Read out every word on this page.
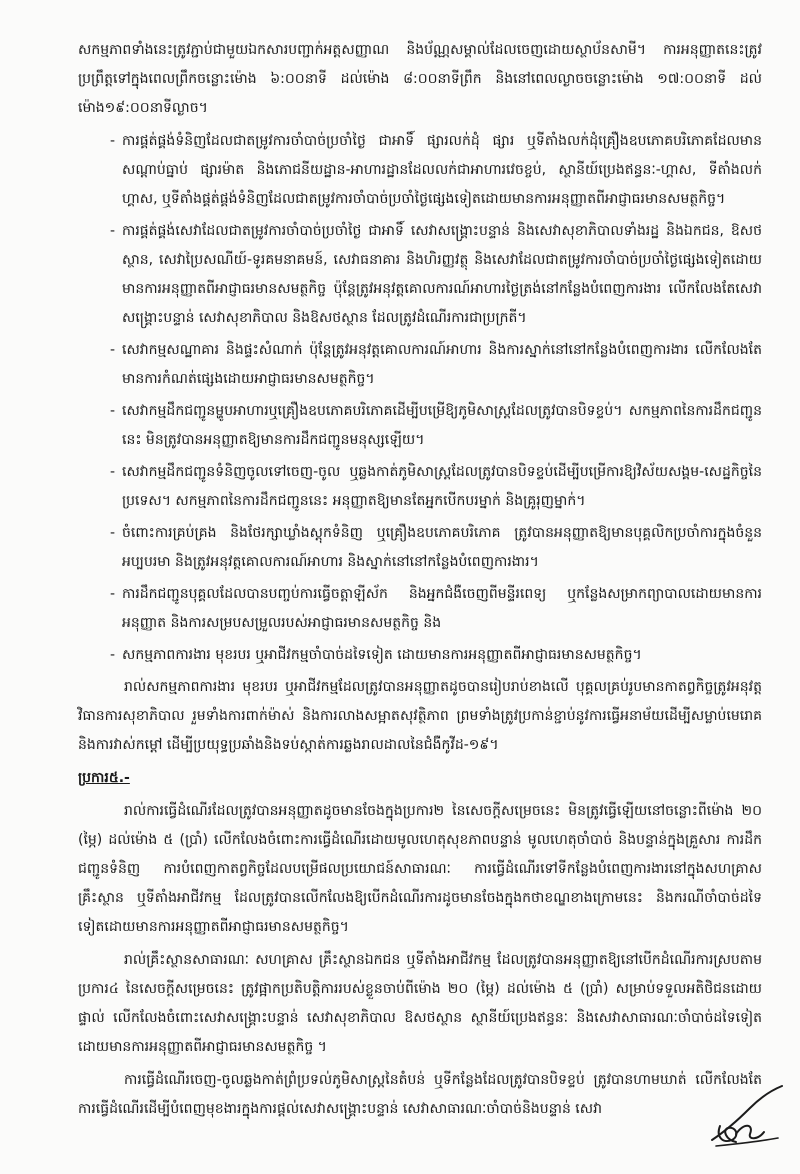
សកម្មភាពទាំងនេះត្រូវភ្ជាប់ជាមួយឯកសារបញ្ជាក់អត្តសញ្ញាណ និងប័ណ្ណសម្គាល់ដែលចេញដោយស្ថាប័នសាមី។ ការអនុញ្ញាតនេះត្រូវប្រព្រឹត្តទៅក្នុងពេលព្រឹកចន្លោះម៉ោង ៦:០០នាទី ដល់ម៉ោង ៨:០០នាទីព្រឹក និងនៅពេលល្ងាចចន្លោះម៉ោង ១៧:០០នាទី ដល់ម៉ោង១៩:០០នាទីល្ងាច។

- ការផ្គត់ផ្គង់ទំនិញដែលជាតម្រូវការចាំបាច់ប្រចាំថ្ងៃ ជាអាទិ៍ ផ្សារលក់ដុំ ផ្សារ ឬទីតាំងលក់ដុំគ្រឿងឧបភោគបរិភោគដែលមានសណ្ដាប់ធ្នាប់ ផ្សារម៉ាត និងភោជនីយដ្ឋាន-អាហារដ្ឋានដែលលក់ជាអាហារវេចខ្ចប់, ស្ថានីយ៍ប្រេងឥន្ធនៈ-ហ្គាស, ទីតាំងលក់ហ្គាស, ឬទីតាំងផ្គត់ផ្គង់ទំនិញដែលជាតម្រូវការចាំបាច់ប្រចាំថ្ងៃផ្សេងទៀតដោយមានការអនុញ្ញាតពីអាជ្ញាធរមានសមត្ថកិច្ច។
- ការផ្គត់ផ្គង់សេវាដែលជាតម្រូវការចាំបាច់ប្រចាំថ្ងៃ ជាអាទិ៍ សេវាសង្គ្រោះបន្ទាន់ និងសេវាសុខាភិបាលទាំងរដ្ឋ និងឯកជន, ឱសថស្ថាន, សេវាប្រៃសណីយ៍-ទូរគមនាគមន៍, សេវាធនាគារ និងហិរញ្ញវត្ថុ និងសេវាដែលជាតម្រូវការចាំបាច់ប្រចាំថ្ងៃផ្សេងទៀតដោយមានការអនុញ្ញាតពីអាជ្ញាធរមានសមត្ថកិច្ច ប៉ុន្តែត្រូវអនុវត្តគោលការណ៍អាហារថ្ងៃត្រង់នៅកន្លែងបំពេញការងារ លើកលែងតែសេវាសង្គ្រោះបន្ទាន់ សេវាសុខាភិបាល និងឱសថស្ថាន ដែលត្រូវដំណើរការជាប្រក្រតី។
- សេវាកម្មសណ្ឋាគារ និងផ្ទះសំណាក់ ប៉ុន្តែត្រូវអនុវត្តគោលការណ៍អាហារ និងការស្នាក់នៅនៅកន្លែងបំពេញការងារ លើកលែងតែមានការកំណត់ផ្សេងដោយអាជ្ញាធរមានសមត្ថកិច្ច។
- សេវាកម្មដឹកជញ្ជូនម្ហូបអាហារឬគ្រឿងឧបភោគបរិភោគដើម្បីបម្រើឱ្យភូមិសាស្ត្រដែលត្រូវបានបិទខ្ទប់។ សកម្មភាពនៃការដឹកជញ្ជូននេះ មិនត្រូវបានអនុញ្ញាតឱ្យមានការដឹកជញ្ជូនមនុស្សឡើយ។
- សេវាកម្មដឹកជញ្ជូនទំនិញចូលទៅចេញ-ចូល ឬឆ្លងកាត់ភូមិសាស្ត្រដែលត្រូវបានបិទខ្ទប់ដើម្បីបម្រើការឱ្យវិស័យសង្គម-សេដ្ឋកិច្ចនៃប្រទេស។ សកម្មភាពនៃការដឹកជញ្ជូននេះ អនុញ្ញាតឱ្យមានតែអ្នកបើកបរម្នាក់ និងគ្រូរុញម្នាក់។
- ចំពោះការគ្រប់គ្រង និងថែរក្សាឃ្លាំងស្តុកទំនិញ ឬគ្រឿងឧបភោគបរិភោគ ត្រូវបានអនុញ្ញាតឱ្យមានបុគ្គលិកប្រចាំការក្នុងចំនួនអប្បបរមា និងត្រូវអនុវត្តគោលការណ៍អាហារ និងស្នាក់នៅនៅកន្លែងបំពេញការងារ។
- ការដឹកជញ្ជូនបុគ្គលដែលបានបញ្ចប់ការធ្វើចត្តាឡីស័ក និងអ្នកជំងឺចេញពីមន្ទីរពេទ្យ ឬកន្លែងសម្រាកព្យាបាលដោយមានការអនុញ្ញាត និងការសម្របសម្រួលរបស់អាជ្ញាធរមានសមត្ថកិច្ច និង
- សកម្មភាពការងារ មុខរបរ ឬអាជីវកម្មចាំបាច់ដទៃទៀត ដោយមានការអនុញ្ញាតពីអាជ្ញាធរមានសមត្ថកិច្ច។

រាល់សកម្មភាពការងារ មុខរបរ ឬអាជីវកម្មដែលត្រូវបានអនុញ្ញាតដូចបានរៀបរាប់ខាងលើ បុគ្គលគ្រប់រូបមានកាតព្វកិច្ចត្រូវអនុវត្តវិធានការសុខាភិបាល រួមទាំងការពាក់ម៉ាស់ និងការលាងសម្អាតសុវត្ថិភាព ព្រមទាំងត្រូវប្រកាន់ខ្ជាប់នូវការធ្វើអនាម័យដើម្បីសម្លាប់មេរោគ និងការវាស់កម្ដៅ ដើម្បីប្រយុទ្ធប្រឆាំងនិងទប់ស្កាត់ការឆ្លងរាលដាលនៃជំងឺកូវីដ-១៩។

ប្រការ៥.-

រាល់ការធ្វើដំណើរដែលត្រូវបានអនុញ្ញាតដូចមានចែងក្នុងប្រការ២ នៃសេចក្ដីសម្រេចនេះ មិនត្រូវធ្វើឡើយនៅចន្លោះពីម៉ោង ២០ (ម្ភៃ) ដល់ម៉ោង ៥ (ប្រាំ) លើកលែងចំពោះការធ្វើដំណើរដោយមូលហេតុសុខភាពបន្ទាន់ មូលហេតុចាំបាច់ និងបន្ទាន់ក្នុងគ្រួសារ ការដឹកជញ្ជូនទំនិញ ការបំពេញកាតព្វកិច្ចដែលបម្រើផលប្រយោជន៍សាធារណៈ ការធ្វើដំណើរទៅទីកន្លែងបំពេញការងារនៅក្នុងសហគ្រាស គ្រឹះស្ថាន ឬទីតាំងអាជីវកម្ម ដែលត្រូវបានលើកលែងឱ្យបើកដំណើរការដូចមានចែងក្នុងកថាខណ្ឌខាងក្រោមនេះ និងករណីចាំបាច់ដទៃទៀតដោយមានការអនុញ្ញាតពីអាជ្ញាធរមានសមត្ថកិច្ច។

រាល់គ្រឹះស្ថានសាធារណៈ សហគ្រាស គ្រឹះស្ថានឯកជន ឬទីតាំងអាជីវកម្ម ដែលត្រូវបានអនុញ្ញាតឱ្យនៅបើកដំណើរការស្របតាមប្រការ៤ នៃសេចក្ដីសម្រេចនេះ ត្រូវផ្អាកប្រតិបត្តិការរបស់ខ្លួនចាប់ពីម៉ោង ២០ (ម្ភៃ) ដល់ម៉ោង ៥ (ប្រាំ) សម្រាប់ទទួលអតិថិជនដោយផ្ទាល់ លើកលែងចំពោះសេវាសង្គ្រោះបន្ទាន់ សេវាសុខាភិបាល ឱសថស្ថាន ស្ថានីយ៍ប្រេងឥន្ធនៈ និងសេវាសាធារណៈចាំបាច់ដទៃទៀត ដោយមានការអនុញ្ញាតពីអាជ្ញាធរមានសមត្ថកិច្ច ។

ការធ្វើដំណើរចេញ-ចូលឆ្លងកាត់ព្រំប្រទល់ភូមិសាស្ត្រនៃតំបន់ ឬទីកន្លែងដែលត្រូវបានបិទខ្ទប់ ត្រូវបានហាមឃាត់ លើកលែងតែការធ្វើដំណើរដើម្បីបំពេញមុខងារក្នុងការផ្ដល់សេវាសង្គ្រោះបន្ទាន់ សេវាសាធារណៈចាំបាច់និងបន្ទាន់ សេវា
